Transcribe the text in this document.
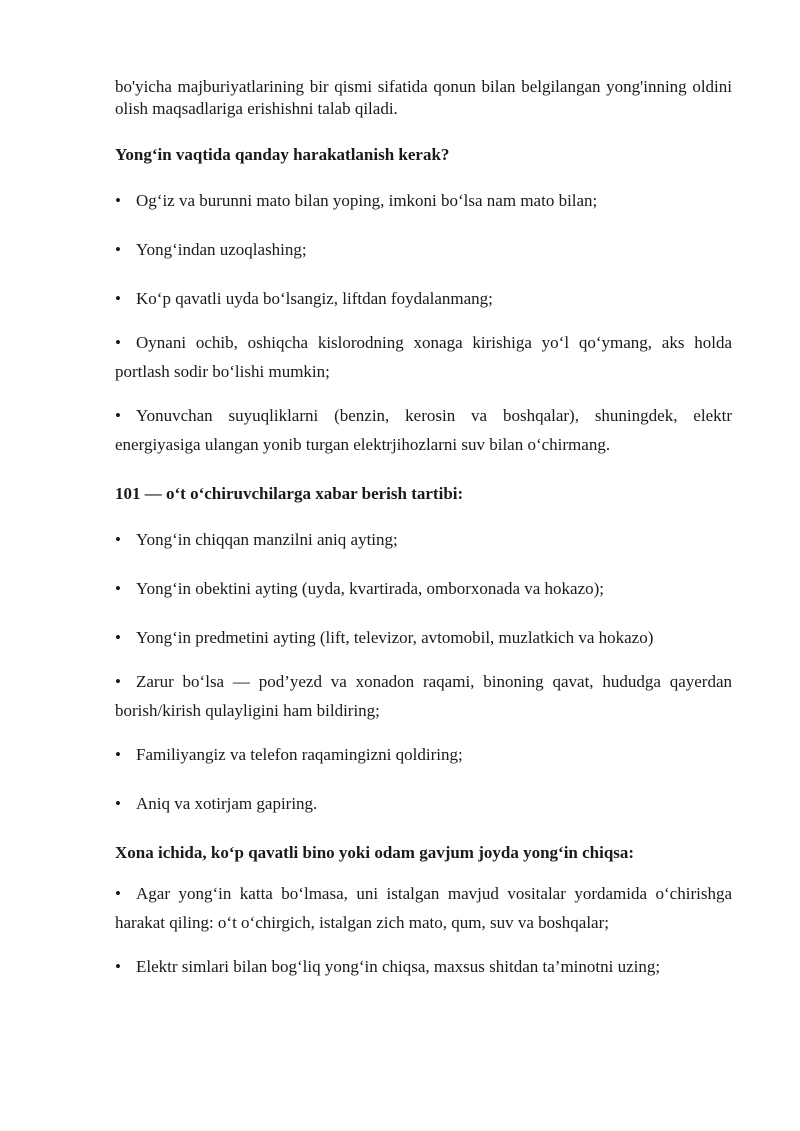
bo'yicha majburiyatlarining bir qismi sifatida qonun bilan belgilangan yong'inning oldini olish maqsadlariga erishishni talab qiladi.

Yong‘in vaqtida qanday harakatlanish kerak?

• Og‘iz va burunni mato bilan yoping, imkoni bo‘lsa nam mato bilan;

• Yong‘indan uzoqlashing;

• Ko‘p qavatli uyda bo‘lsangiz, liftdan foydalanmang;

• Oynani ochib, oshiqcha kislorodning xonaga kirishiga yo‘l qo‘ymang, aks holda portlash sodir bo‘lishi mumkin;

• Yonuvchan suyuqliklarni (benzin, kerosin va boshqalar), shuningdek, elektr energiyasiga ulangan yonib turgan elektrjihozlarni suv bilan o‘chirmang.

101 — o‘t o‘chiruvchilarga xabar berish tartibi:

• Yong‘in chiqqan manzilni aniq ayting;

• Yong‘in obektini ayting (uyda, kvartirada, omborxonada va hokazo);

• Yong‘in predmetini ayting (lift, televizor, avtomobil, muzlatkich va hokazo)

• Zarur bo‘lsa — pod’yezd va xonadon raqami, binoning qavat, hududga qayerdan borish/kirish qulayligini ham bildiring;

• Familiyangiz va telefon raqamingizni qoldiring;

• Aniq va xotirjam gapiring.

Xona ichida, ko‘p qavatli bino yoki odam gavjum joyda yong‘in chiqsa:

• Agar yong‘in katta bo‘lmasa, uni istalgan mavjud vositalar yordamida o‘chirishga harakat qiling: o‘t o‘chirgich, istalgan zich mato, qum, suv va boshqalar;

• Elektr simlari bilan bog‘liq yong‘in chiqsa, maxsus shitdan ta’minotni uzing;
